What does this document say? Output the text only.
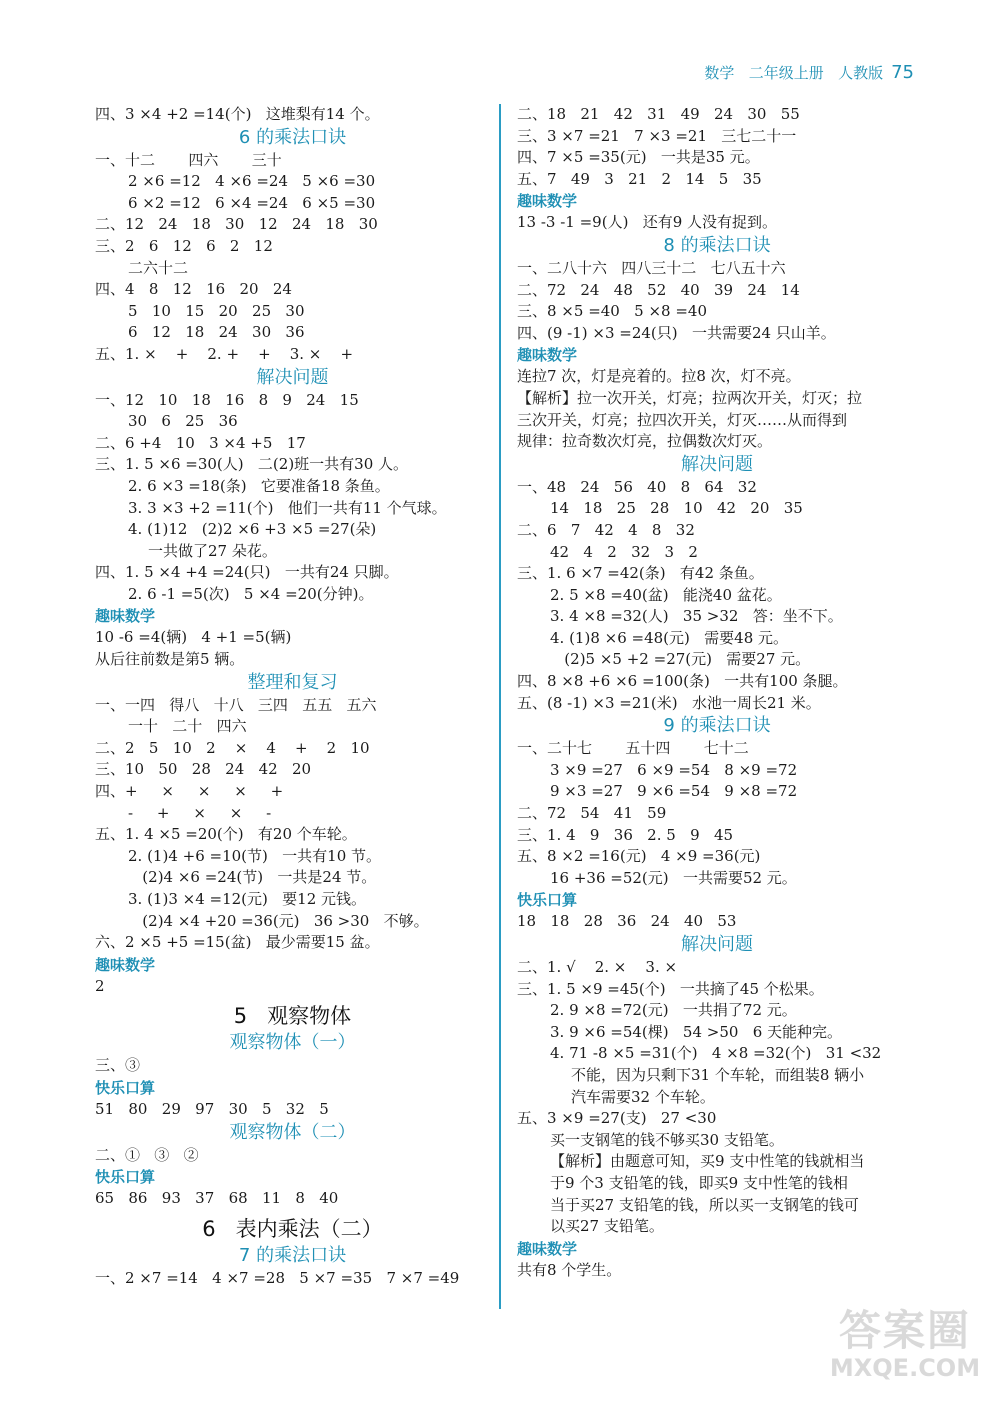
数学 二年级上册 人教版 75
四、3 ×4 +2 =14(个)   这堆梨有14 个。
6 的乘法口诀
一、十二       四六       三十
2 ×6 =12   4 ×6 =24   5 ×6 =30
6 ×2 =12   6 ×4 =24   6 ×5 =30
二、12   24   18   30   12   24   18   30
三、2   6   12   6   2   12
二六十二
四、4   8   12   16   20   24
5   10   15   20   25   30
6   12   18   24   30   36
五、1. ×    +    2. +    +    3. ×    +
解决问题
一、12   10   18   16   8   9   24   15
30   6   25   36
二、6 +4   10   3 ×4 +5   17
三、1. 5 ×6 =30(人)   二(2)班一共有30 人。
2. 6 ×3 =18(条)   它要准备18 条鱼。
3. 3 ×3 +2 =11(个)   他们一共有11 个气球。
4. (1)12   (2)2 ×6 +3 ×5 =27(朵)
一共做了27 朵花。
四、1. 5 ×4 +4 =24(只)   一共有24 只脚。
2. 6 -1 =5(次)   5 ×4 =20(分钟)。
趣味数学
10 -6 =4(辆)   4 +1 =5(辆)
从后往前数是第5 辆。
整理和复习
一、一四   得八   十八   三四   五五   五六
一十   二十   四六
二、2   5   10   2    ×    4    +    2   10
三、10   50   28   24   42   20
四、+     ×     ×     ×     +
-     +     ×     ×     -
五、1. 4 ×5 =20(个)   有20 个车轮。
2. (1)4 +6 =10(节)   一共有10 节。
(2)4 ×6 =24(节)   一共是24 节。
3. (1)3 ×4 =12(元)   要12 元钱。
(2)4 ×4 +20 =36(元)   36 >30   不够。
六、2 ×5 +5 =15(盆)   最少需要15 盆。
趣味数学
2
5   观察物体
观察物体（一）
三、③
快乐口算
51   80   29   97   30   5   32   5
观察物体（二）
二、①   ③   ②
快乐口算
65   86   93   37   68   11   8   40
6   表内乘法（二）
7 的乘法口诀
一、2 ×7 =14   4 ×7 =28   5 ×7 =35   7 ×7 =49
二、18   21   42   31   49   24   30   55
三、3 ×7 =21   7 ×3 =21   三七二十一
四、7 ×5 =35(元)   一共是35 元。
五、7   49   3   21   2   14   5   35
趣味数学
13 -3 -1 =9(人)   还有9 人没有捉到。
8 的乘法口诀
一、二八十六   四八三十二   七八五十六
二、72   24   48   52   40   39   24   14
三、8 ×5 =40   5 ×8 =40
四、(9 -1) ×3 =24(只)   一共需要24 只山羊。
趣味数学
连拉7 次，灯是亮着的。拉8 次，灯不亮。
【解析】拉一次开关，灯亮；拉两次开关，灯灭；拉
三次开关，灯亮；拉四次开关，灯灭……从而得到
规律：拉奇数次灯亮，拉偶数次灯灭。
解决问题
一、48   24   56   40   8   64   32
14   18   25   28   10   42   20   35
二、6   7   42   4   8   32
42   4   2   32   3   2
三、1. 6 ×7 =42(条)   有42 条鱼。
2. 5 ×8 =40(盆)   能浇40 盆花。
3. 4 ×8 =32(人)   35 >32   答：坐不下。
4. (1)8 ×6 =48(元)   需要48 元。
(2)5 ×5 +2 =27(元)   需要27 元。
四、8 ×8 +6 ×6 =100(条)   一共有100 条腿。
五、(8 -1) ×3 =21(米)   水池一周长21 米。
9 的乘法口诀
一、二十七       五十四       七十二
3 ×9 =27   6 ×9 =54   8 ×9 =72
9 ×3 =27   9 ×6 =54   9 ×8 =72
二、72   54   41   59
三、1. 4   9   36   2. 5   9   45
五、8 ×2 =16(元)   4 ×9 =36(元)
16 +36 =52(元)   一共需要52 元。
快乐口算
18   18   28   36   24   40   53
解决问题
二、1. √    2. ×    3. ×
三、1. 5 ×9 =45(个)   一共摘了45 个松果。
2. 9 ×8 =72(元)   一共捐了72 元。
3. 9 ×6 =54(棵)   54 >50   6 天能种完。
4. 71 -8 ×5 =31(个)   4 ×8 =32(个)   31 <32
不能，因为只剩下31 个车轮，而组装8 辆小
汽车需要32 个车轮。
五、3 ×9 =27(支)   27 <30
买一支钢笔的钱不够买30 支铅笔。
【解析】由题意可知，买9 支中性笔的钱就相当
于9 个3 支铅笔的钱，即买9 支中性笔的钱相
当于买27 支铅笔的钱，所以买一支钢笔的钱可
以买27 支铅笔。
趣味数学
共有8 个学生。
答案圈
MXQE.COM
